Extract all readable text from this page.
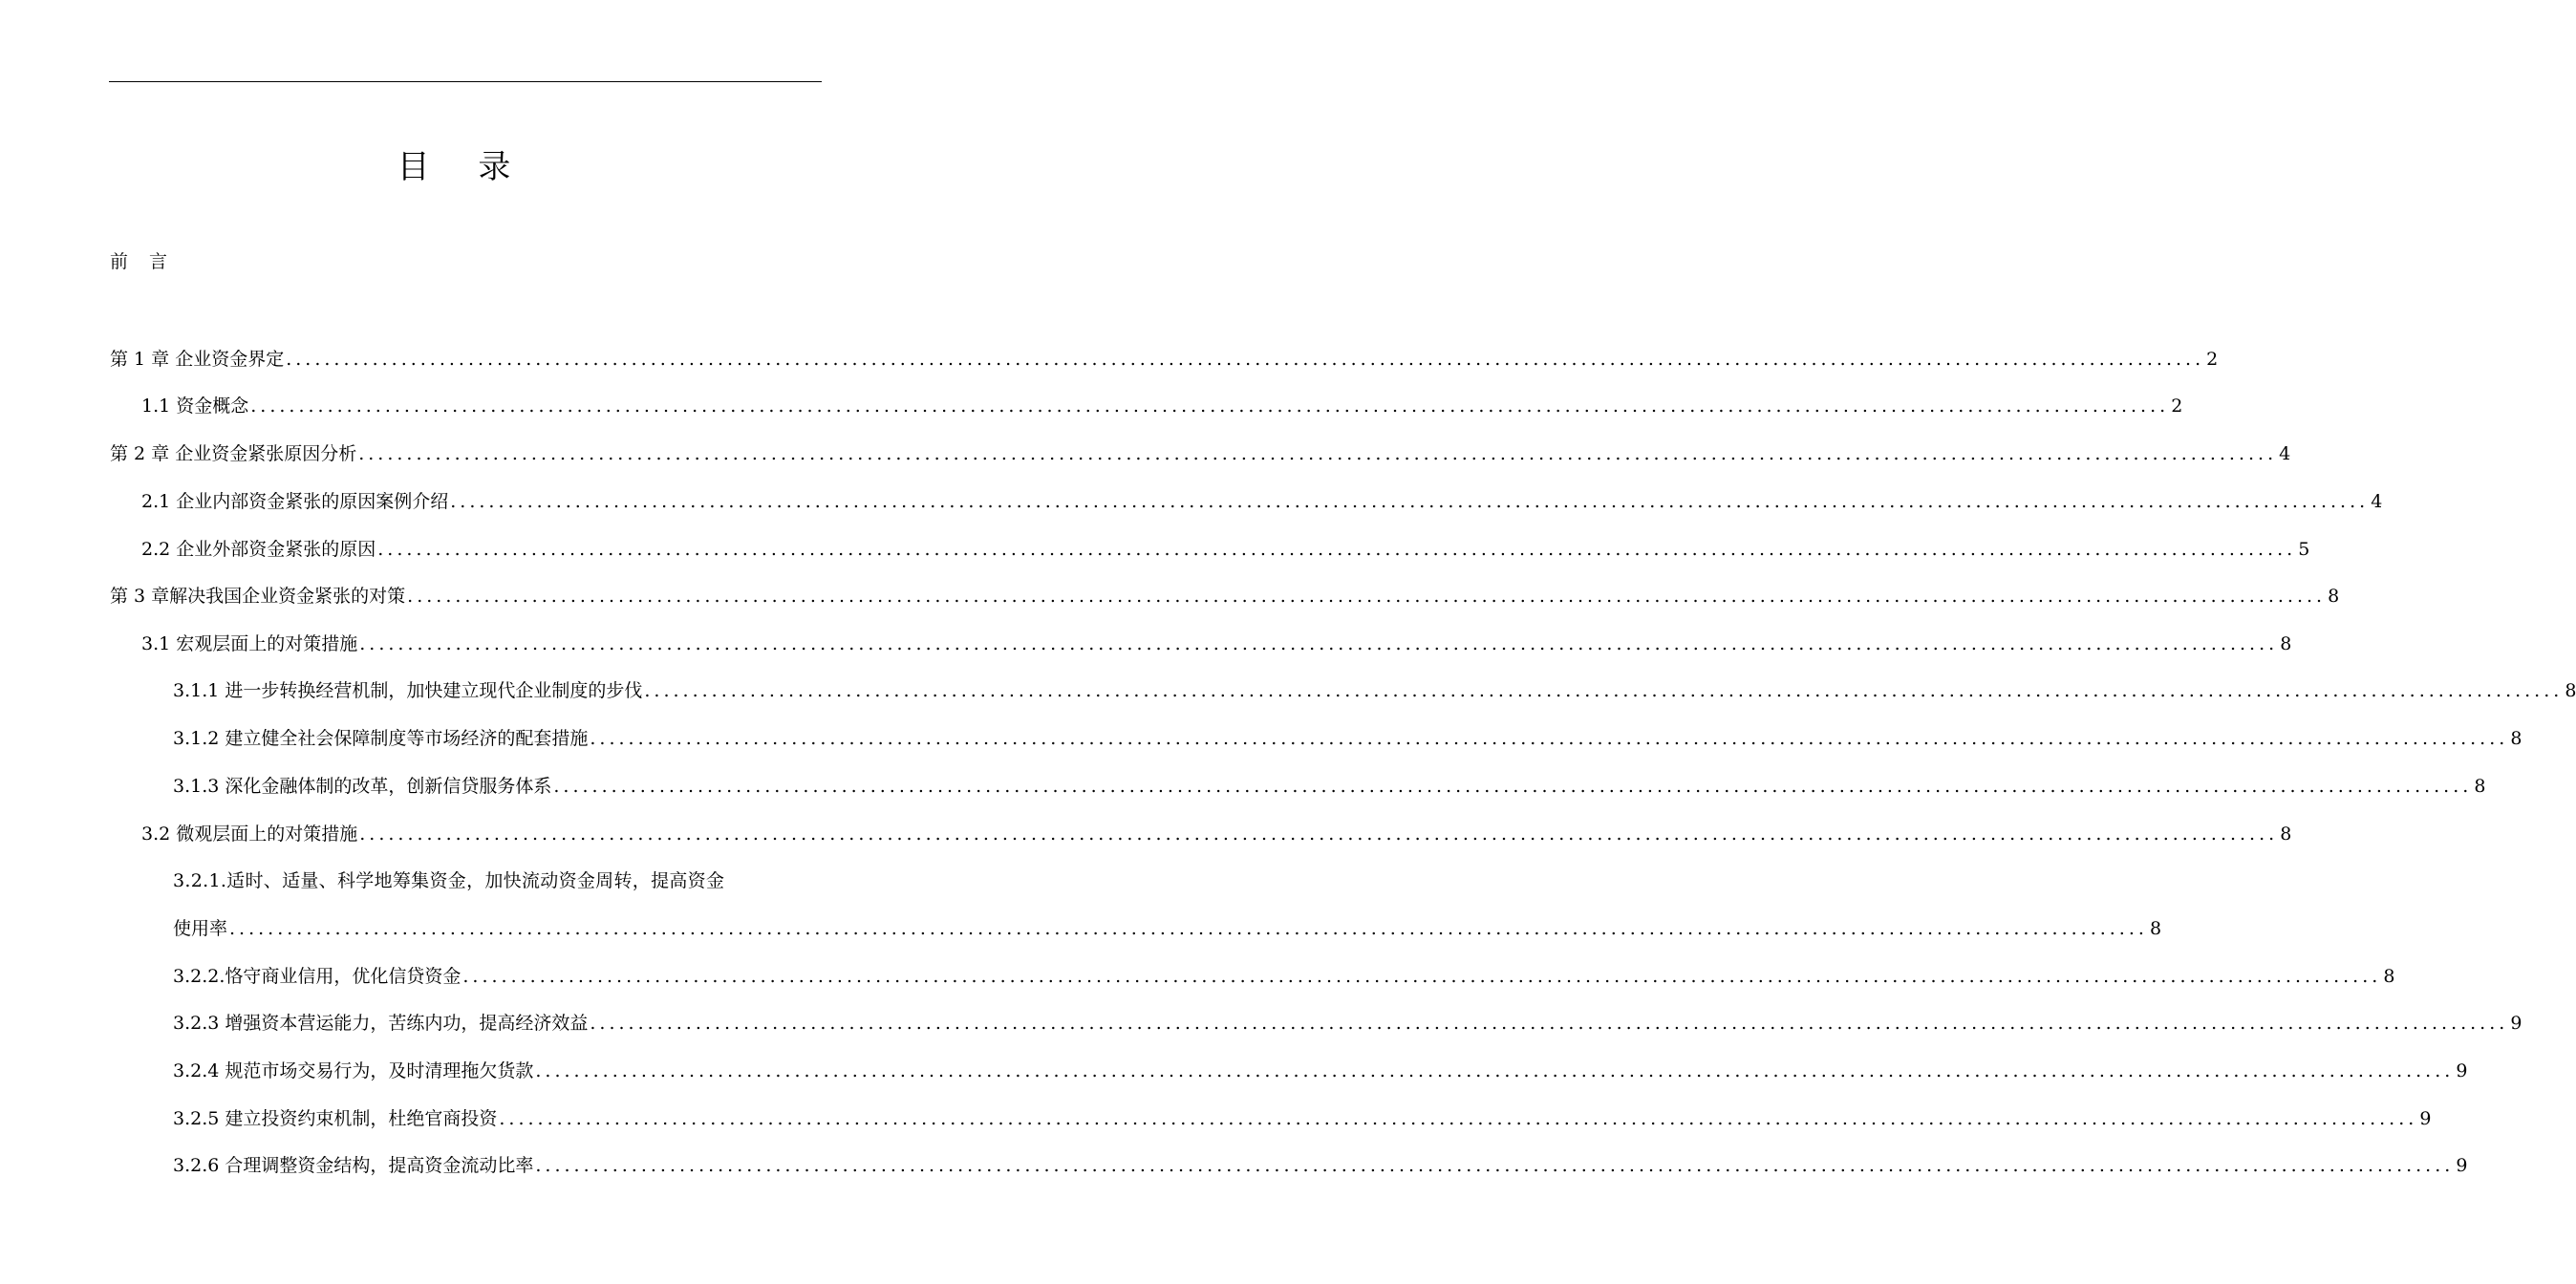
目 录
前 言
第 1 章 企业资金界定 ........................................................................................................................................................................................................ 2
1.1 资金概念 ........................................................................................................................................................................................................ 2
第 2 章 企业资金紧张原因分析 ........................................................................................................................................................................................................ 4
2.1 企业内部资金紧张的原因案例介绍 ........................................................................................................................................................................................................ 4
2.2 企业外部资金紧张的原因 ........................................................................................................................................................................................................ 5
第 3 章解决我国企业资金紧张的对策 ........................................................................................................................................................................................................ 8
3.1 宏观层面上的对策措施 ........................................................................................................................................................................................................ 8
3.1.1 进一步转换经营机制，加快建立现代企业制度的步伐 ........................................................................................................................................................................................................ 8
3.1.2 建立健全社会保障制度等市场经济的配套措施 ........................................................................................................................................................................................................ 8
3.1.3 深化金融体制的改革，创新信贷服务体系 ........................................................................................................................................................................................................ 8
3.2 微观层面上的对策措施 ........................................................................................................................................................................................................ 8
3.2.1.适时、适量、科学地筹集资金，加快流动资金周转，提高资金
使用率 ........................................................................................................................................................................................................ 8
3.2.2.恪守商业信用，优化信贷资金 ........................................................................................................................................................................................................ 8
3.2.3 增强资本营运能力，苦练内功，提高经济效益 ........................................................................................................................................................................................................ 9
3.2.4 规范市场交易行为，及时清理拖欠货款 ........................................................................................................................................................................................................ 9
3.2.5 建立投资约束机制，杜绝官商投资 ........................................................................................................................................................................................................ 9
3.2.6 合理调整资金结构，提高资金流动比率 ........................................................................................................................................................................................................ 9
